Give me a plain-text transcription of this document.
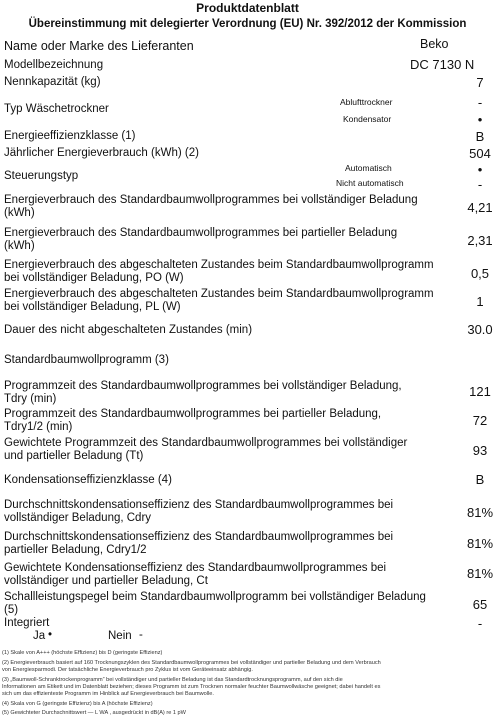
Produktdatenblatt
Übereinstimmung mit delegierter Verordnung (EU) Nr. 392/2012 der Kommission
Name oder Marke des Lieferanten	Beko
Modellbezeichnung	DC 7130 N
Nennkapazität (kg)	7
Typ Wäschetrockner
Ablufttrockner	-
Kondensator	•
Energieeffizienzklasse (1)	B
Jährlicher Energieverbrauch (kWh) (2)	504
Steuerungstyp
Automatisch	•
Nicht automatisch	-
Energieverbrauch des Standardbaumwollprogrammes bei vollständiger Beladung
(kWh)	4,21
Energieverbrauch des Standardbaumwollprogrammes bei partieller Beladung
(kWh)	2,31
Energieverbrauch des abgeschalteten Zustandes beim Standardbaumwollprogramm
bei vollständiger Beladung, PO (W)	0,5
Energieverbrauch des abgeschalteten Zustandes beim Standardbaumwollprogramm
bei vollständiger Beladung, PL (W)	1
Dauer des nicht abgeschalteten Zustandes (min)	30.0
Standardbaumwollprogramm (3)
Programmzeit des Standardbaumwollprogrammes bei vollständiger Beladung,
Tdry (min)	121
Programmzeit des Standardbaumwollprogrammes bei partieller Beladung,
Tdry1/2 (min)	72
Gewichtete Programmzeit des Standardbaumwollprogrammes bei vollständiger
und partieller Beladung (Tt)	93
Kondensationseffizienzklasse (4)	B
Durchschnittskondensationseffizienz des Standardbaumwollprogrammes bei
vollständiger Beladung, Cdry	81%
Durchschnittskondensationseffizienz des Standardbaumwollprogrammes bei
partieller Beladung, Cdry1/2	81%
Gewichtete Kondensationseffizienz des Standardbaumwollprogrammes bei
vollständiger und partieller Beladung, Ct	81%
Schallleistungspegel beim Standardbaumwollprogramm bei vollständiger Beladung
(5)	65
Integriert	-
Ja •	Nein -
(1) Skale von A+++ (höchste Effizienz) bis D (geringste Effizienz)
(2) Energieverbrauch basiert auf 160 Trocknungszyklen des Standardbaumwollprogrammes bei vollständiger und partieller Beladung und dem Verbrauch
von Energiesparmodi. Der tatsächliche Energieverbrauch pro Zyklus ist vom Geräteeinsatz abhängig.
(3) „Baumwoll-Schranktrockenprogramm“ bei vollständiger und partieller Beladung ist das Standardtrocknungsprogramm, auf den sich die
Informationen am Etikett und im Datenblatt beziehen; dieses Programm ist zum Trocknen normaler feuchter Baumwollwäsche geeignet; dabei handelt es
sich um das effizienteste Programm im Hinblick auf Energieverbrauch bei Baumwolle.
(4) Skala von G (geringste Effizienz) bis A (höchste Effizienz)
(5) Gewichteter Durchschnittswert — L WA , ausgedrückt in dB(A) re 1 pW
